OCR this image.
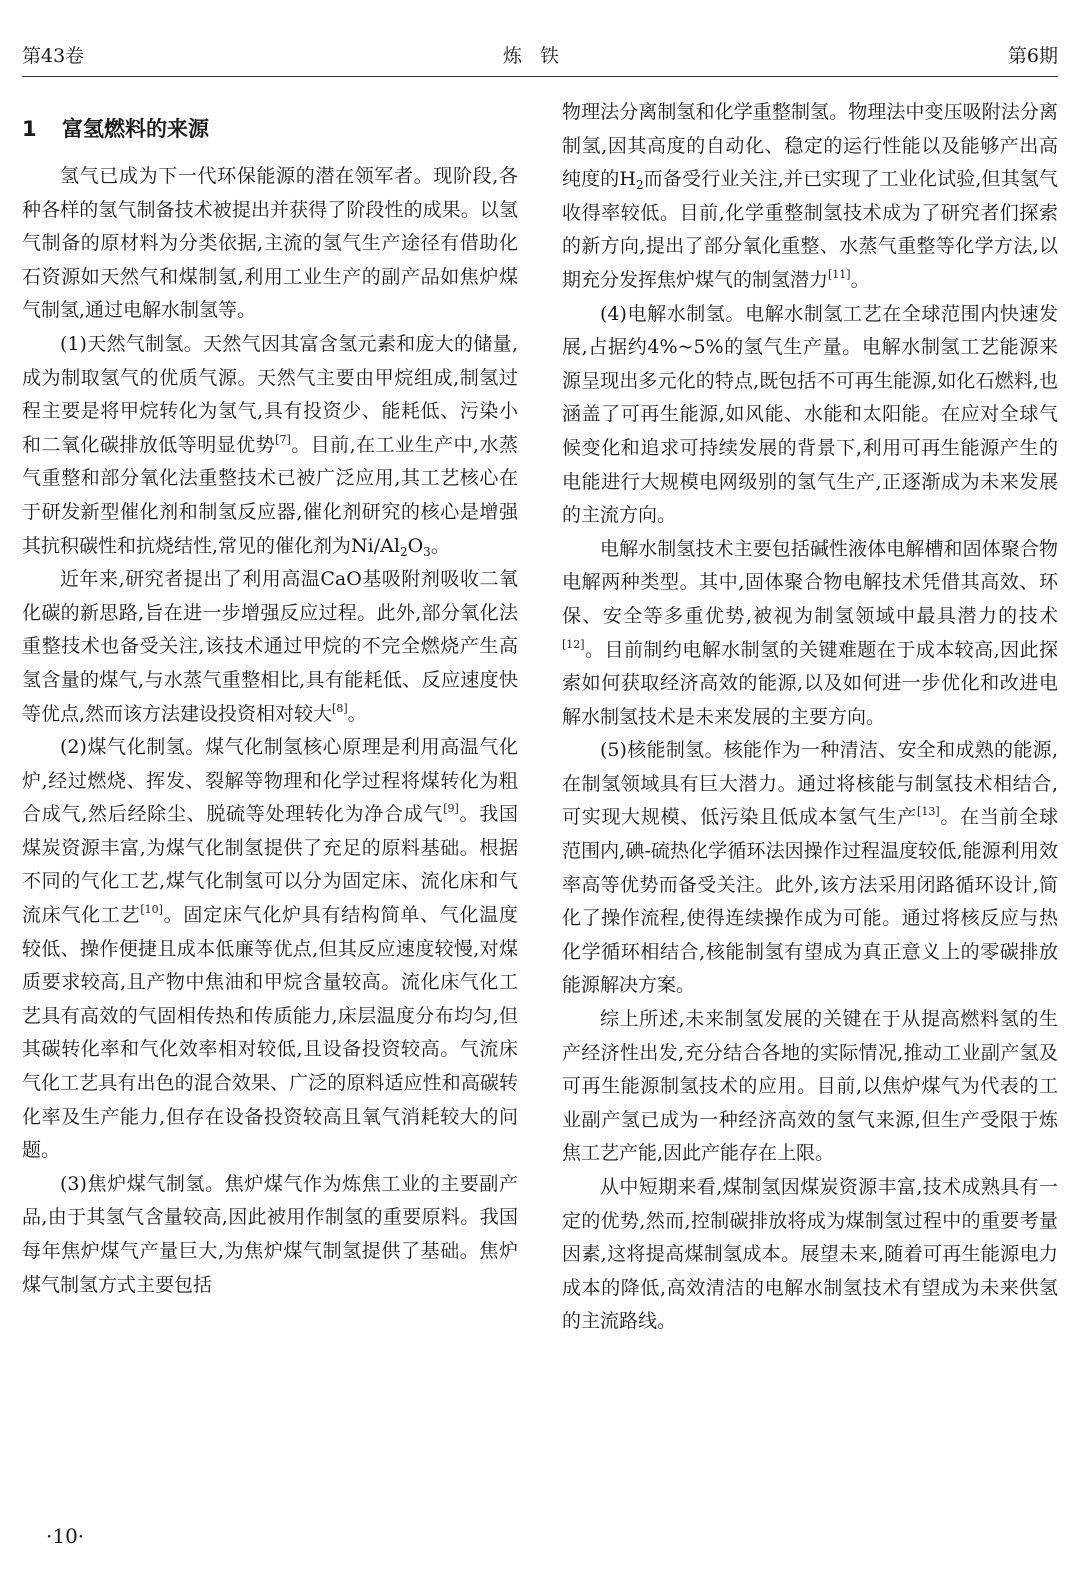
第43卷	炼铁	第6期
1 富氢燃料的来源

氢气已成为下一代环保能源的潜在领军者。现阶段,各种各样的氢气制备技术被提出并获得了阶段性的成果。以氢气制备的原材料为分类依据,主流的氢气生产途径有借助化石资源如天然气和煤制氢,利用工业生产的副产品如焦炉煤气制氢,通过电解水制氢等。

(1)天然气制氢。天然气因其富含氢元素和庞大的储量,成为制取氢气的优质气源。天然气主要由甲烷组成,制氢过程主要是将甲烷转化为氢气,具有投资少、能耗低、污染小和二氧化碳排放低等明显优势[7]。目前,在工业生产中,水蒸气重整和部分氧化法重整技术已被广泛应用,其工艺核心在于研发新型催化剂和制氢反应器,催化剂研究的核心是增强其抗积碳性和抗烧结性,常见的催化剂为$Ni/Al_2O_3$。

近年来,研究者提出了利用高温CaO基吸附剂吸收二氧化碳的新思路,旨在进一步增强反应过程。此外,部分氧化法重整技术也备受关注,该技术通过甲烷的不完全燃烧产生高氢含量的煤气,与水蒸气重整相比,具有能耗低、反应速度快等优点,然而该方法建设投资相对较大[8]。

(2)煤气化制氢。煤气化制氢核心原理是利用高温气化炉,经过燃烧、挥发、裂解等物理和化学过程将煤转化为粗合成气,然后经除尘、脱硫等处理转化为净合成气[9]。我国煤炭资源丰富,为煤气化制氢提供了充足的原料基础。根据不同的气化工艺,煤气化制氢可以分为固定床、流化床和气流床气化工艺[10]。固定床气化炉具有结构简单、气化温度较低、操作便捷且成本低廉等优点,但其反应速度较慢,对煤质要求较高,且产物中焦油和甲烷含量较高。流化床气化工艺具有高效的气固相传热和传质能力,床层温度分布均匀,但其碳转化率和气化效率相对较低,且设备投资较高。气流床气化工艺具有出色的混合效果、广泛的原料适应性和高碳转化率及生产能力,但存在设备投资较高且氧气消耗较大的问题。

(3)焦炉煤气制氢。焦炉煤气作为炼焦工业的主要副产品,由于其氢气含量较高,因此被用作制氢的重要原料。我国每年焦炉煤气产量巨大,为焦炉煤气制氢提供了基础。焦炉煤气制氢方式主要包括

物理法分离制氢和化学重整制氢。物理法中变压吸附法分离制氢,因其高度的自动化、稳定的运行性能以及能够产出高纯度的$H_2$而备受行业关注,并已实现了工业化试验,但其氢气收得率较低。目前,化学重整制氢技术成为了研究者们探索的新方向,提出了部分氧化重整、水蒸气重整等化学方法,以期充分发挥焦炉煤气的制氢潜力[11]。

(4)电解水制氢。电解水制氢工艺在全球范围内快速发展,占据约4%~5%的氢气生产量。电解水制氢工艺能源来源呈现出多元化的特点,既包括不可再生能源,如化石燃料,也涵盖了可再生能源,如风能、水能和太阳能。在应对全球气候变化和追求可持续发展的背景下,利用可再生能源产生的电能进行大规模电网级别的氢气生产,正逐渐成为未来发展的主流方向。

电解水制氢技术主要包括碱性液体电解槽和固体聚合物电解两种类型。其中,固体聚合物电解技术凭借其高效、环保、安全等多重优势,被视为制氢领域中最具潜力的技术[12]。目前制约电解水制氢的关键难题在于成本较高,因此探索如何获取经济高效的能源,以及如何进一步优化和改进电解水制氢技术是未来发展的主要方向。

(5)核能制氢。核能作为一种清洁、安全和成熟的能源,在制氢领域具有巨大潜力。通过将核能与制氢技术相结合,可实现大规模、低污染且低成本氢气生产[13]。在当前全球范围内,碘-硫热化学循环法因操作过程温度较低,能源利用效率高等优势而备受关注。此外,该方法采用闭路循环设计,简化了操作流程,使得连续操作成为可能。通过将核反应与热化学循环相结合,核能制氢有望成为真正意义上的零碳排放能源解决方案。

综上所述,未来制氢发展的关键在于从提高燃料氢的生产经济性出发,充分结合各地的实际情况,推动工业副产氢及可再生能源制氢技术的应用。目前,以焦炉煤气为代表的工业副产氢已成为一种经济高效的氢气来源,但生产受限于炼焦工艺产能,因此产能存在上限。

从中短期来看,煤制氢因煤炭资源丰富,技术成熟具有一定的优势,然而,控制碳排放将成为煤制氢过程中的重要考量因素,这将提高煤制氢成本。展望未来,随着可再生能源电力成本的降低,高效清洁的电解水制氢技术有望成为未来供氢的主流路线。

·10·
